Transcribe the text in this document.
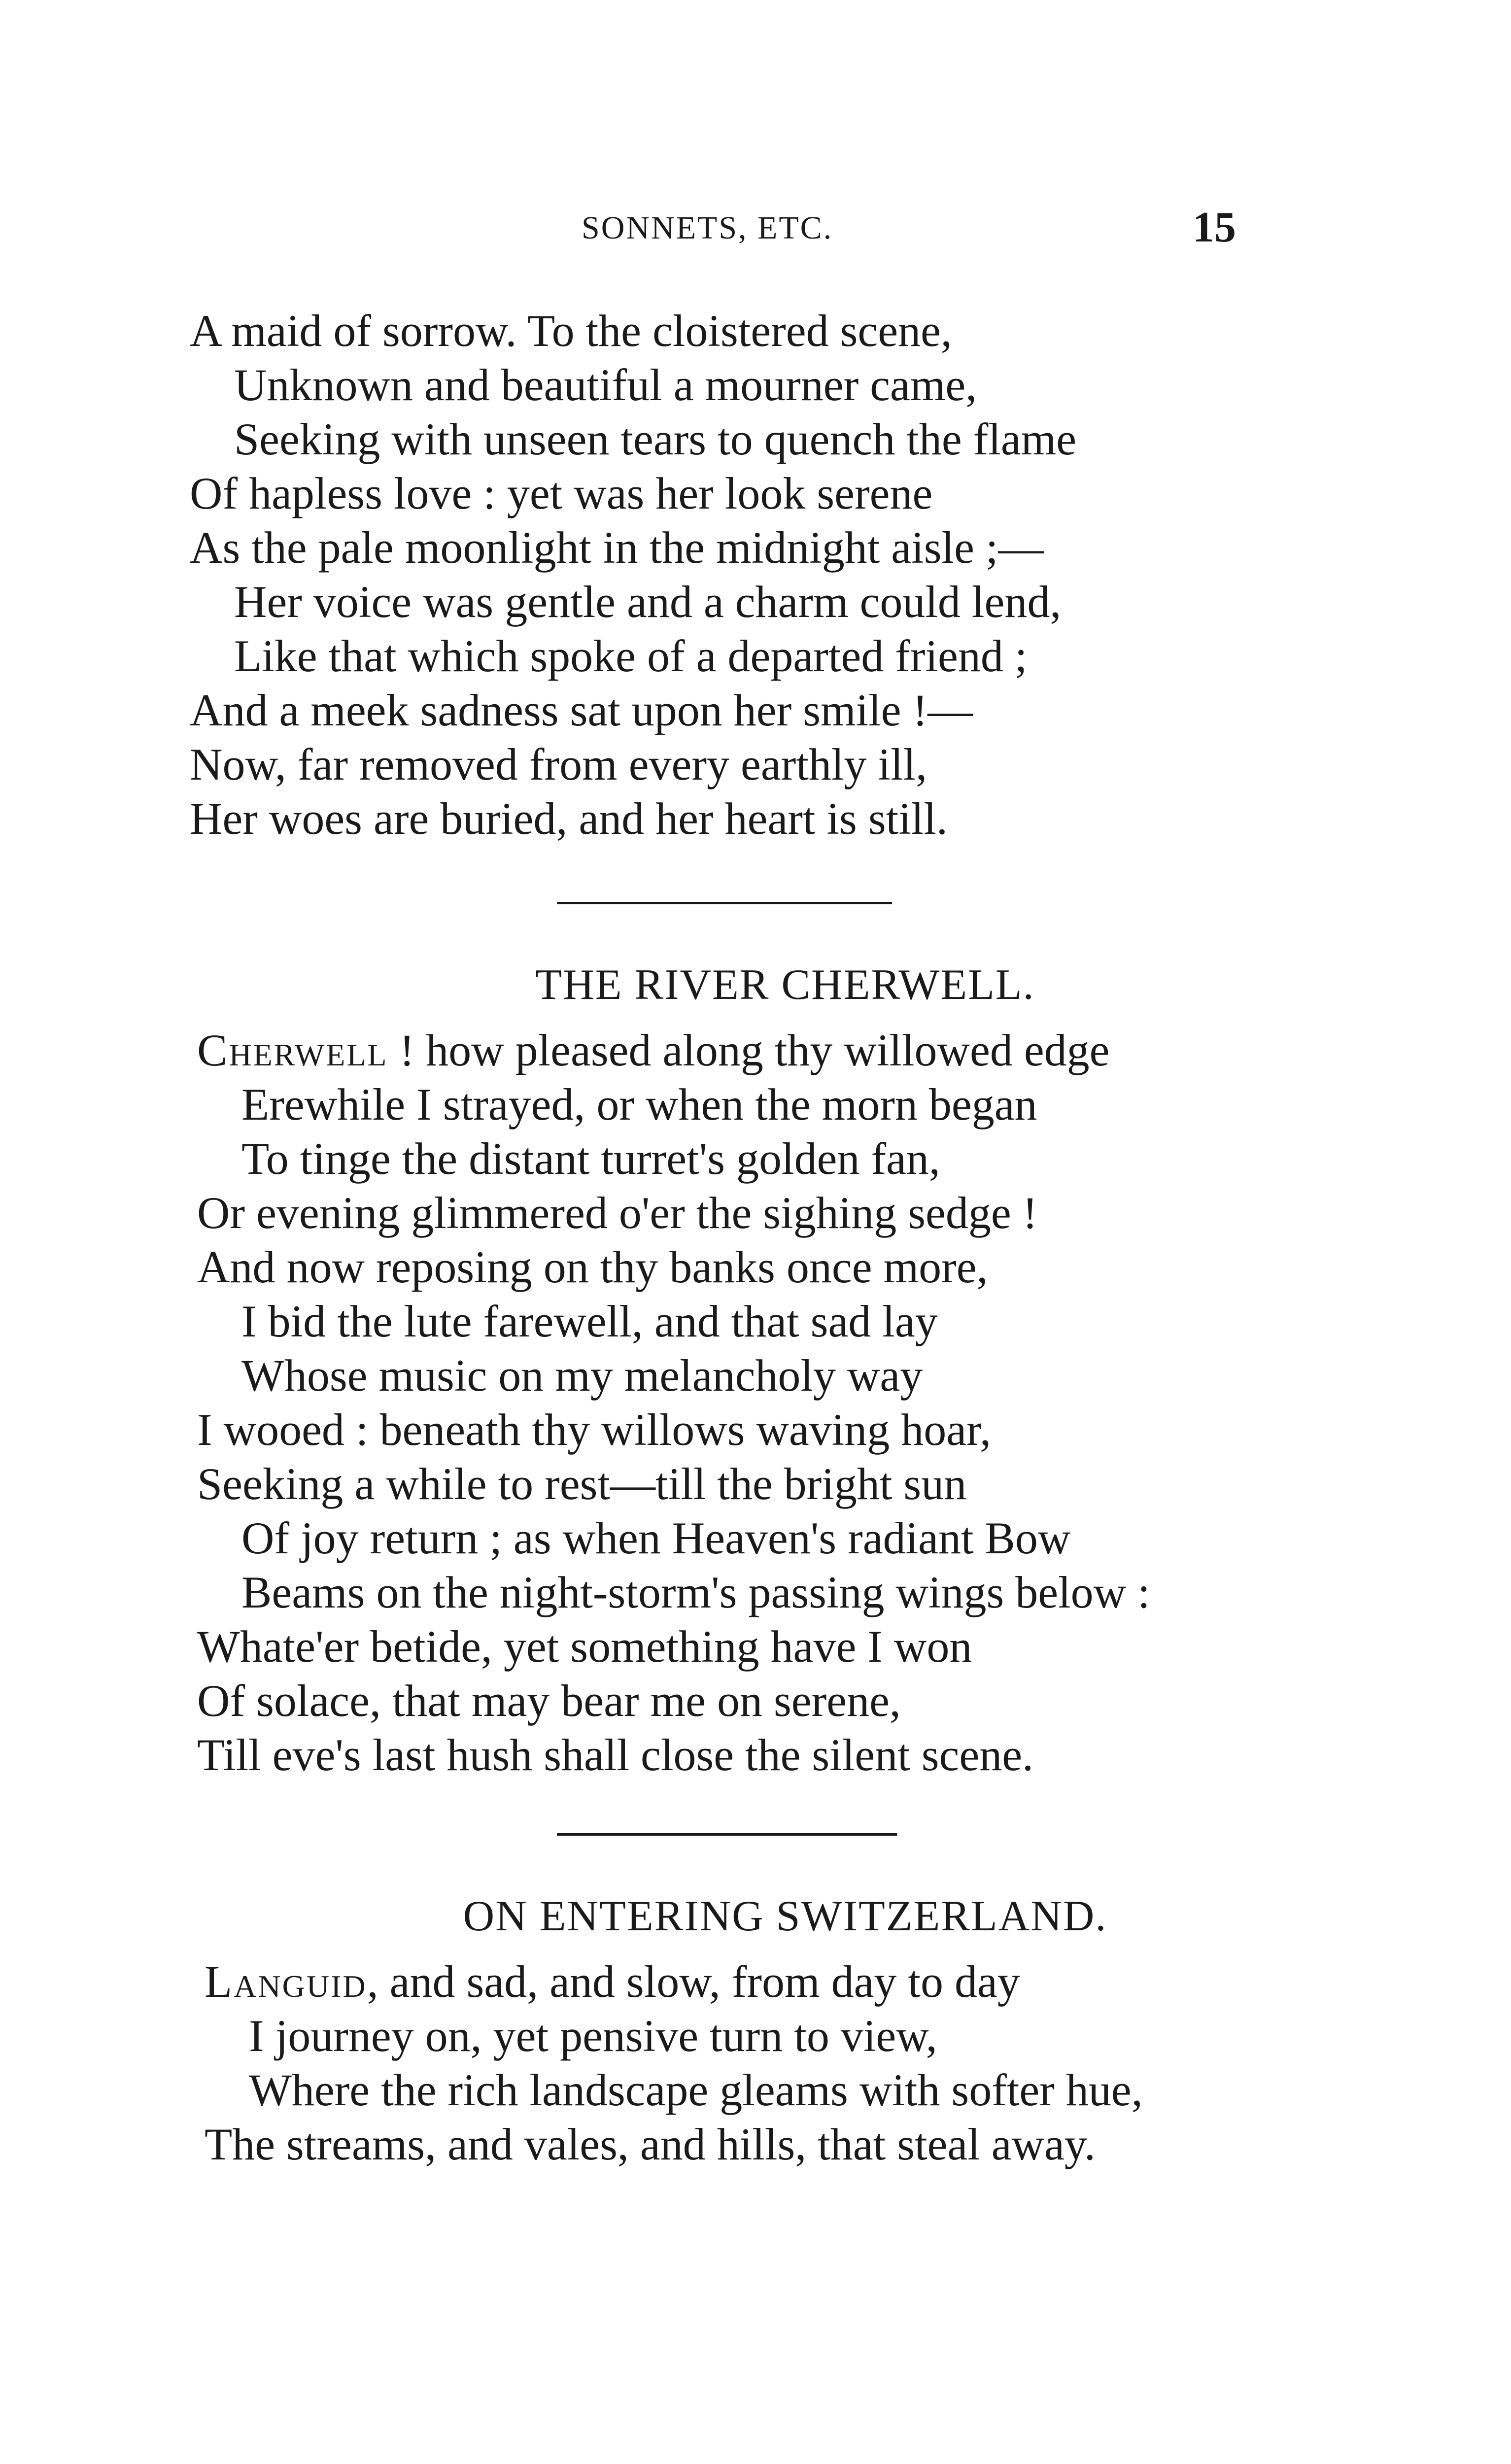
SONNETS, ETC.	15
A maid of sorrow. To the cloistered scene,
Unknown and beautiful a mourner came,
Seeking with unseen tears to quench the flame
Of hapless love : yet was her look serene
As the pale moonlight in the midnight aisle ;—
Her voice was gentle and a charm could lend,
Like that which spoke of a departed friend ;
And a meek sadness sat upon her smile !—
Now, far removed from every earthly ill,
Her woes are buried, and her heart is still.
THE RIVER CHERWELL.
Cherwell ! how pleased along thy willowed edge
Erewhile I strayed, or when the morn began
To tinge the distant turret's golden fan,
Or evening glimmered o'er the sighing sedge !
And now reposing on thy banks once more,
I bid the lute farewell, and that sad lay
Whose music on my melancholy way
I wooed : beneath thy willows waving hoar,
Seeking a while to rest—till the bright sun
Of joy return ; as when Heaven's radiant Bow
Beams on the night-storm's passing wings below :
Whate'er betide, yet something have I won
Of solace, that may bear me on serene,
Till eve's last hush shall close the silent scene.
ON ENTERING SWITZERLAND.
Languid, and sad, and slow, from day to day
I journey on, yet pensive turn to view,
Where the rich landscape gleams with softer hue,
The streams, and vales, and hills, that steal away.
